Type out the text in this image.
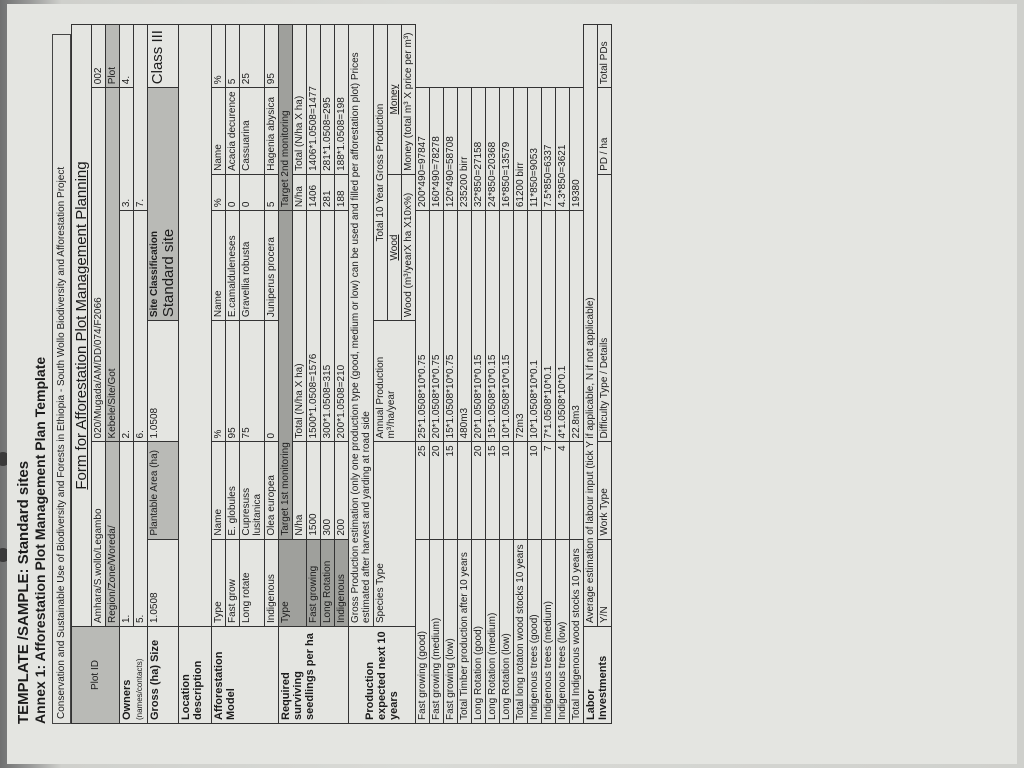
TEMPLATE /SAMPLE: Standard sites Annex 1: Afforestation Plot Management Plan Template Conservation and Sustainable Use of Biodiversity and Forests in Ethiopia - South Wollo Biodiversity and Afforestation Project	Plot ID	Form for Afforestation Plot Management Planning						
	Amhara/S.wollo/Legambo		020/Mugada/AM/DD/074/F2066				002
	Region/Zone/Woreda/		Kebele/Site/Got				Plot
Owners (names/contacts)	1.		2.		3.		4.
	5.		6.		7.		
Gross (ha) Size	1.0508	Plantable Area (ha)	1.0508	Site Classification
Standard site			Class III
Location description							
Afforestation Model	Type	Name	%	Name	%	Name	%
	Fast grow	E. globules	95	E.camalduleneses	0	Acacia decurence	5
	Long rotate	Cupresuss lusitanica	75	Gravellia robusta	0	Cassuarina	25
	Indigenous	Olea europea	0	Juniperus procera	5	Hagenia abysica	95
Required surviving seedlings per ha	Type	Target 1st monitoring			Target 2nd monitoring		
		N/ha	Total (N/ha X ha)		N/ha	Total (N/ha X ha)	
	Fast growing	1500	1500*1.0508=1576		1406	1406*1.0508=1477	
	Long Rotation	300	300*1.0508=315		281	281*1.0508=295	
	Indigenous	200	200*1.0508=210		188	188*1.0508=198	
Production expected next 10 years	Gross Production estimation (only one production type (good, medium or low) can be used and filled per afforestation plot) Prices estimated after harvest and yarding at road side						
	Species Type		Annual Production m³/ha/year	Total 10 Year Gross Production			
				Wood		Money	
				Wood (m³/yearX ha X10x%)		Money (total m³ X price per m³)	
Fast growing (good)		25	25*1.0508*10*0.75		200*490=97847		
Fast growing (medium)		20	20*1.0508*10*0.75		160*490=78278		
Fast growing (low)		15	15*1.0508*10*0.75		120*490=58708		
Total Timber production after 10 years			480m3		235200 birr		
Long Rotation (good)		20	20*1.0508*10*0.15		32*850=27158		
Long Rotation (medium)		15	15*1.0508*10*0.15		24*850=20368		
Long Rotation (low)		10	10*1.0508*10*0.15		16*850=13579		
Total long rotaton wood stocks 10 years			72m3		61200 birr		
Indigenous trees (good)		10	10*1.0508*10*0.1		11*850=9053		
Indigenous trees (medium)		7	7*1.0508*10*0.1		7.5*850=6337		
Indigenous trees (low)		4	4*1.0508*10*0.1		4.3*850=3621		
Total Indigenous wood stocks 10 years			22.8m3		19380		
Labor Investments	Average estimation of labour input (tick Y if applicable, N if not applicable)						
	Y/N	Work Type	Difficulty Type / Details			PD / ha	Total PDs
